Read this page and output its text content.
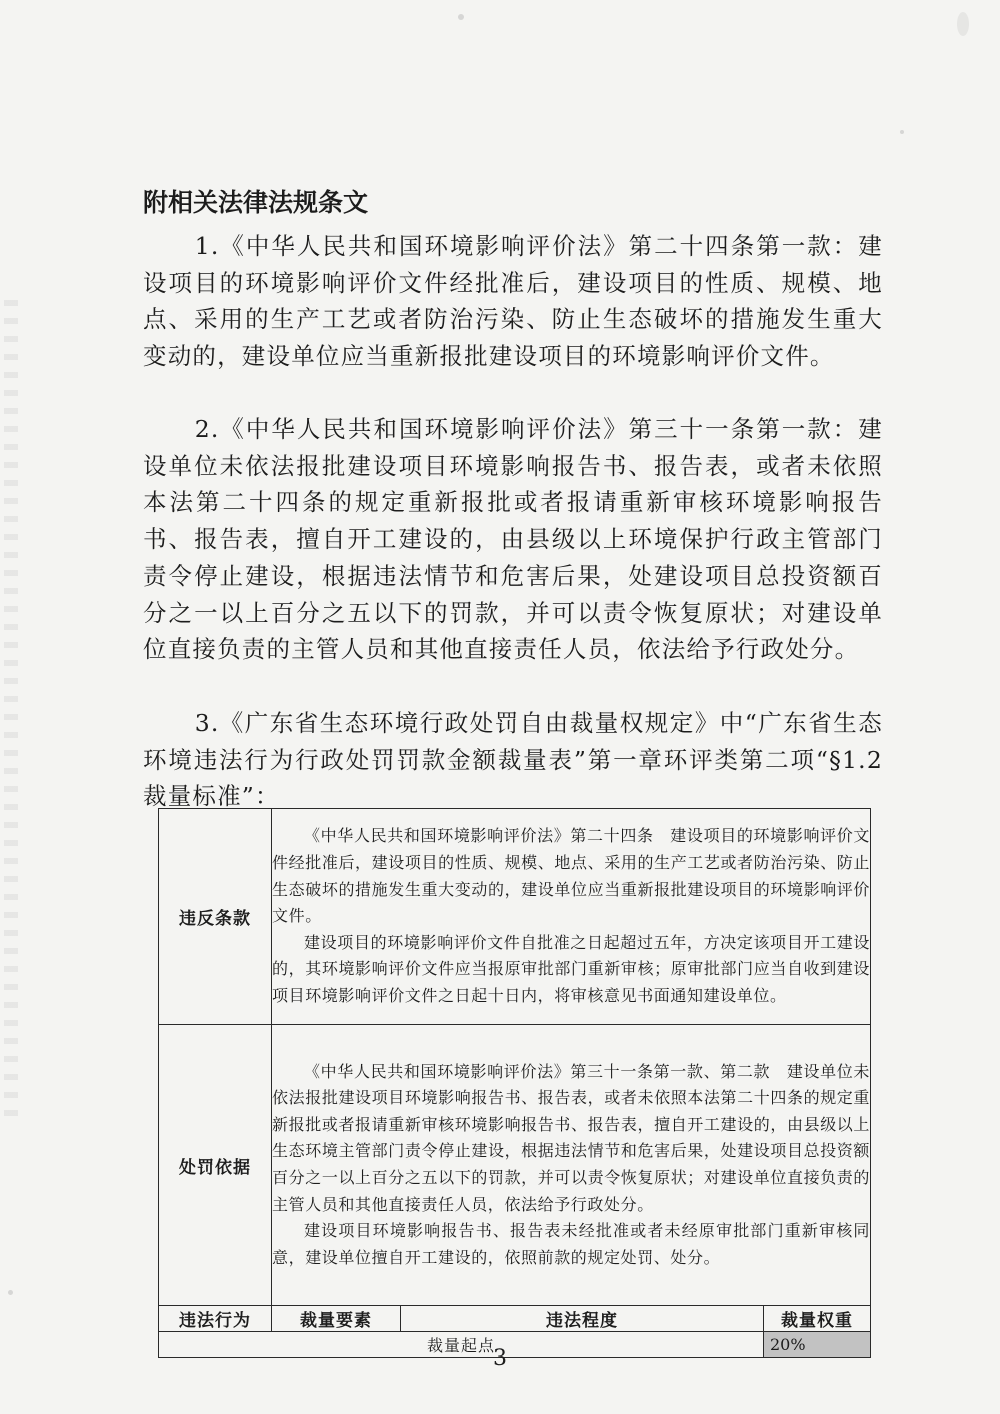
附相关法律法规条文
1.《中华人民共和国环境影响评价法》第二十四条第一款：建设项目的环境影响评价文件经批准后，建设项目的性质、规模、地点、采用的生产工艺或者防治污染、防止生态破坏的措施发生重大变动的，建设单位应当重新报批建设项目的环境影响评价文件。
2.《中华人民共和国环境影响评价法》第三十一条第一款：建设单位未依法报批建设项目环境影响报告书、报告表，或者未依照本法第二十四条的规定重新报批或者报请重新审核环境影响报告书、报告表，擅自开工建设的，由县级以上环境保护行政主管部门责令停止建设，根据违法情节和危害后果，处建设项目总投资额百分之一以上百分之五以下的罚款，并可以责令恢复原状；对建设单位直接负责的主管人员和其他直接责任人员，依法给予行政处分。
3.《广东省生态环境行政处罚自由裁量权规定》中“广东省生态环境违法行为行政处罚罚款金额裁量表”第一章环评类第二项“§1.2 裁量标准”：
违反条款	《中华人民共和国环境影响评价法》第二十四条　建设项目的环境影响评价文件经批准后，建设项目的性质、规模、地点、采用的生产工艺或者防治污染、防止生态破坏的措施发生重大变动的，建设单位应当重新报批建设项目的环境影响评价文件。

建设项目的环境影响评价文件自批准之日起超过五年，方决定该项目开工建设的，其环境影响评价文件应当报原审批部门重新审核；原审批部门应当自收到建设项目环境影响评价文件之日起十日内，将审核意见书面通知建设单位。		

处罚依据	《中华人民共和国环境影响评价法》第三十一条第一款、第二款　建设单位未依法报批建设项目环境影响报告书、报告表，或者未依照本法第二十四条的规定重新报批或者报请重新审核环境影响报告书、报告表，擅自开工建设的，由县级以上生态环境主管部门责令停止建设，根据违法情节和危害后果，处建设项目总投资额百分之一以上百分之五以下的罚款，并可以责令恢复原状；对建设单位直接负责的主管人员和其他直接责任人员，依法给予行政处分。

建设项目环境影响报告书、报告表未经批准或者未经原审批部门重新审核同意，建设单位擅自开工建设的，依照前款的规定处罚、处分。		

违法行为	裁量要素	违法程度	裁量权重
裁量起点			20%
3
